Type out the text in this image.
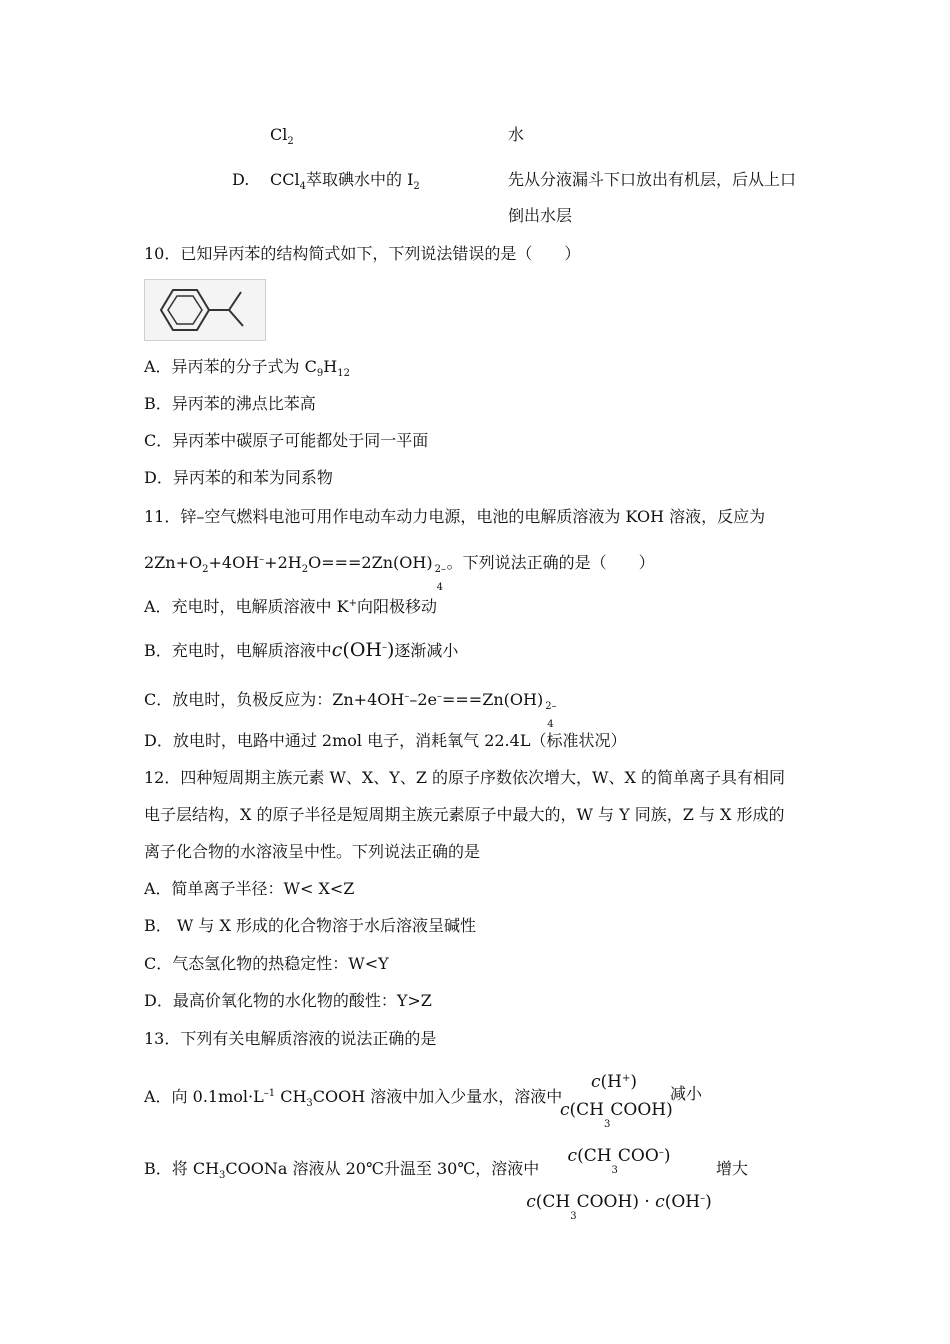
$Cl_2$	水
D. CCl$_4$萃取碘水中的 $I_2$	先从分液漏斗下口放出有机层，后从上口
倒出水层
10．已知异丙苯的结构简式如下，下列说法错误的是（　　）
A．异丙苯的分子式为 $C_9H_{12}$
B．异丙苯的沸点比苯高
C．异丙苯中碳原子可能都处于同一平面
D．异丙苯的和苯为同系物
11．锌–空气燃料电池可用作电动车动力电源，电池的电解质溶液为 KOH 溶液，反应为
$2Zn+O_2+4OH^-+2H_2O===2Zn(OH)$ 2–
4
。下列说法正确的是（　　）
A．充电时，电解质溶液中 K+向阳极移动
B．充电时，电解质溶液中c(OH–)逐渐减小
C．放电时，负极反应为：Zn+4OH––2e–===Zn(OH) 2–
4
D．放电时，电路中通过 2mol 电子，消耗氧气 22.4L（标准状况）
12．四种短周期主族元素 W、X、Y、Z 的原子序数依次增大，W、X 的简单离子具有相同
电子层结构，X 的原子半径是短周期主族元素原子中最大的，W 与 Y 同族，Z 与 X 形成的
离子化合物的水溶液呈中性。下列说法正确的是
A．简单离子半径：W< X<Z
B． W 与 X 形成的化合物溶于水后溶液呈碱性
C．气态氢化物的热稳定性：W<Y
D．最高价氧化物的水化物的酸性：Y>Z
13．下列有关电解质溶液的说法正确的是
A．向 $0.1mol\cdot L^{-1}$ $CH_3COOH$ 溶液中加入少量水，溶液中
c(H+)
$c(CH_3COOH)$
减小
B．将 $CH_3COONa$ 溶液从 20℃升温至 30℃，溶液中
$c(CH_3COO^-)$
$c(CH_3COOH) \cdot c(OH^-)$
增大
